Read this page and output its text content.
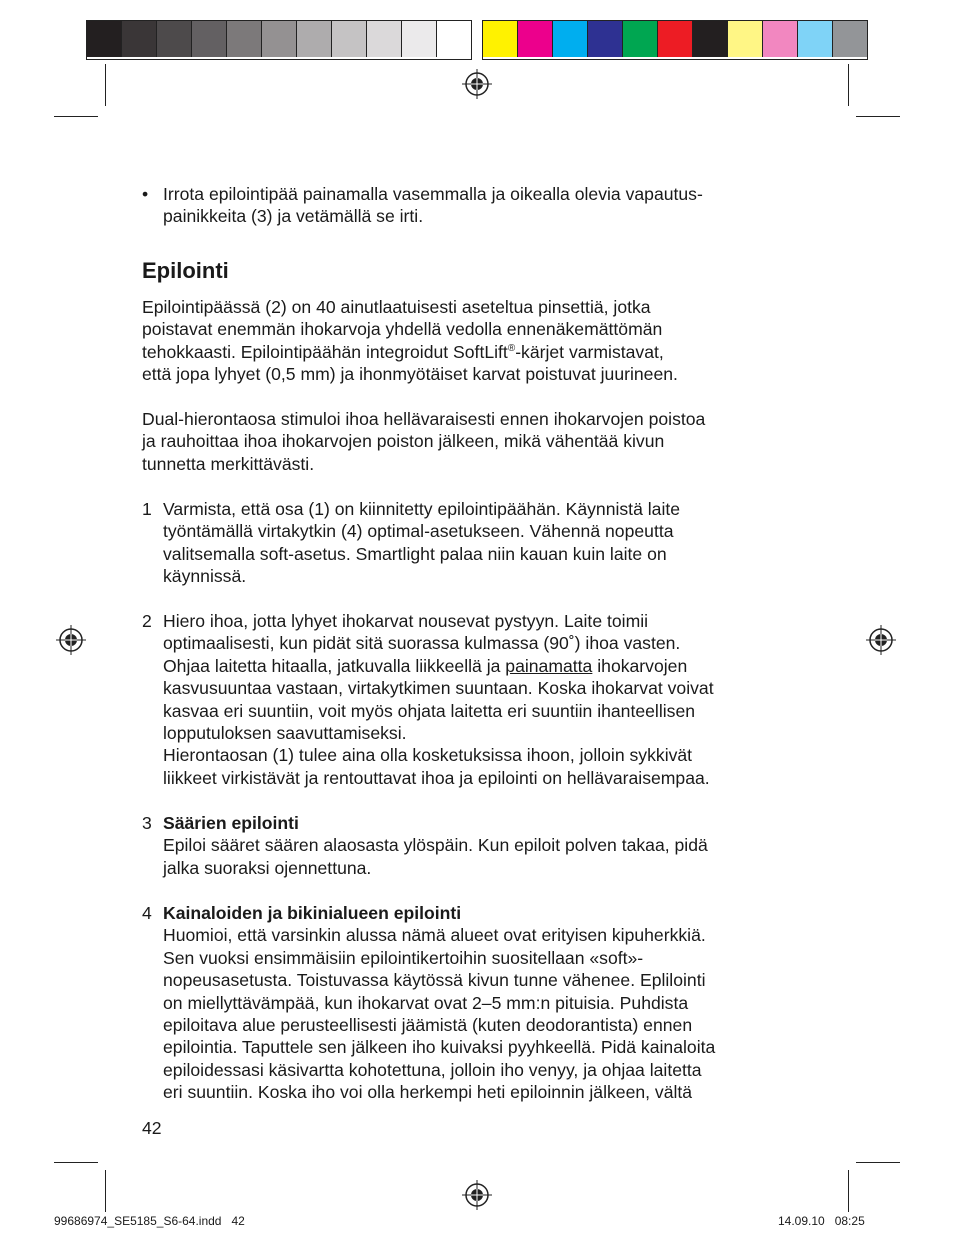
• Irrota epilointipää painamalla vasemmalla ja oikealla olevia vapautus-
painikkeita (3) ja vetämällä se irti.
Epilointi
Epilointipäässä (2) on 40 ainutlaatuisesti aseteltua pinsettiä, jotka
poistavat enemmän ihokarvoja yhdellä vedolla ennenäkemättömän
tehokkaasti. Epilointipäähän integroidut SoftLift®-kärjet varmistavat,
että jopa lyhyet (0,5 mm) ja ihonmyötäiset karvat poistuvat juurineen.
Dual-hierontaosa stimuloi ihoa hellävaraisesti ennen ihokarvojen poistoa
ja rauhoittaa ihoa ihokarvojen poiston jälkeen, mikä vähentää kivun
tunnetta merkittävästi.
1 Varmista, että osa (1) on kiinnitetty epilointipäähän. Käynnistä laite
työntämällä virtakytkin (4) optimal-asetukseen. Vähennä nopeutta
valitsemalla soft-asetus. Smartlight palaa niin kauan kuin laite on
käynnissä.
2 Hiero ihoa, jotta lyhyet ihokarvat nousevat pystyyn. Laite toimii
optimaalisesti, kun pidät sitä suorassa kulmassa (90˚) ihoa vasten.
Ohjaa laitetta hitaalla, jatkuvalla liikkeellä ja painamatta ihokarvojen
kasvusuuntaa vastaan, virtakytkimen suuntaan. Koska ihokarvat voivat
kasvaa eri suuntiin, voit myös ohjata laitetta eri suuntiin ihanteellisen
lopputuloksen saavuttamiseksi.
Hierontaosan (1) tulee aina olla kosketuksissa ihoon, jolloin sykkivät
liikkeet virkistävät ja rentouttavat ihoa ja epilointi on hellävaraisempaa.
3 Säärien epilointi
Epiloi sääret säären alaosasta ylöspäin. Kun epiloit polven takaa, pidä
jalka suoraksi ojennettuna.
4 Kainaloiden ja bikinialueen epilointi
Huomioi, että varsinkin alussa nämä alueet ovat erityisen kipuherkkiä.
Sen vuoksi ensimmäisiin epilointikertoihin suositellaan «soft»-
nopeusasetusta. Toistuvassa käytössä kivun tunne vähenee. Eplilointi
on miellyttävämpää, kun ihokarvat ovat 2–5 mm:n pituisia. Puhdista
epiloitava alue perusteellisesti jäämistä (kuten deodorantista) ennen
epilointia. Taputtele sen jälkeen iho kuivaksi pyyhkeellä. Pidä kainaloita
epiloidessasi käsivartta kohotettuna, jolloin iho venyy, ja ohjaa laitetta
eri suuntiin. Koska iho voi olla herkempi heti epiloinnin jälkeen, vältä
42
99686974_SE5185_S6-64.indd   42	14.09.10   08:25
